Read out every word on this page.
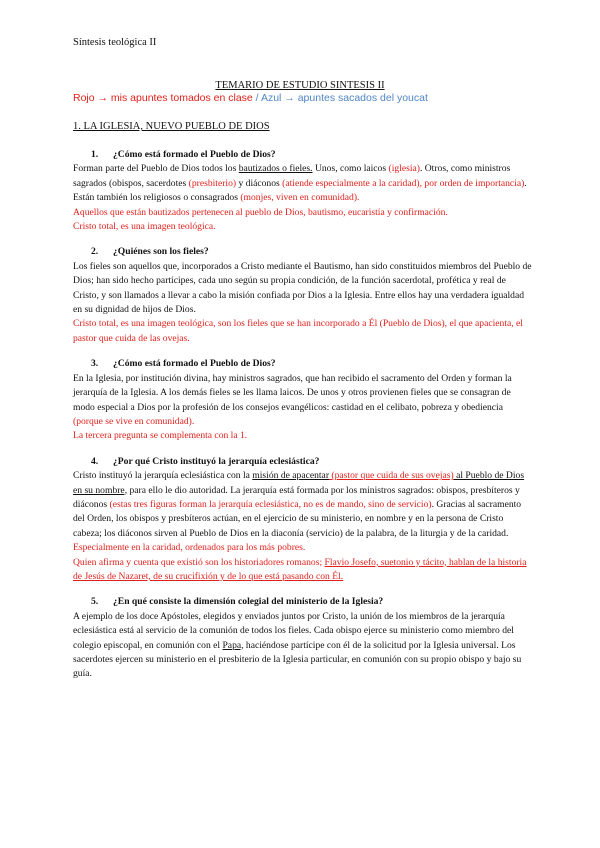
Síntesis teológica II
TEMARIO DE ESTUDIO SINTESIS II
Rojo → mis apuntes tomados en clase / Azul → apuntes sacados del youcat
1. LA IGLESIA, NUEVO PUEBLO DE DIOS

1. ¿Cómo está formado el Pueblo de Dios?

Forman parte del Pueblo de Dios todos los bautizados o fieles. Unos, como laicos (iglesia). Otros, como ministros sagrados (obispos, sacerdotes (presbiterio) y diáconos (atiende especialmente a la caridad), por orden de importancia). Están también los religiosos o consagrados (monjes, viven en comunidad).

Aquellos que están bautizados pertenecen al pueblo de Dios, bautismo, eucaristía y confirmación.

Cristo total, es una imagen teológica.

2. ¿Quiénes son los fieles?

Los fieles son aquellos que, incorporados a Cristo mediante el Bautismo, han sido constituidos miembros del Pueblo de Dios; han sido hecho partícipes, cada uno según su propia condición, de la función sacerdotal, profética y real de Cristo, y son llamados a llevar a cabo la misión confiada por Dios a la Iglesia. Entre ellos hay una verdadera igualdad en su dignidad de hijos de Dios.

Cristo total, es una imagen teológica, son los fieles que se han incorporado a Él (Pueblo de Dios), el que apacienta, el pastor que cuida de las ovejas.

3. ¿Cómo está formado el Pueblo de Dios?

En la Iglesia, por institución divina, hay ministros sagrados, que han recibido el sacramento del Orden y forman la jerarquía de la Iglesia. A los demás fieles se les llama laicos. De unos y otros provienen fieles que se consagran de modo especial a Dios por la profesión de los consejos evangélicos: castidad en el celibato, pobreza y obediencia (porque se vive en comunidad).

La tercera pregunta se complementa con la 1.

4. ¿Por qué Cristo instituyó la jerarquía eclesiástica?

Cristo instituyó la jerarquía eclesiástica con la misión de apacentar (pastor que cuida de sus ovejas) al Pueblo de Dios en su nombre, para ello le dio autoridad. La jerarquía está formada por los ministros sagrados: obispos, presbíteros y diáconos (estas tres figuras forman la jerarquía eclesiástica, no es de mando, sino de servicio). Gracias al sacramento del Orden, los obispos y presbíteros actúan, en el ejercicio de su ministerio, en nombre y en la persona de Cristo cabeza; los diáconos sirven al Pueblo de Dios en la diaconía (servicio) de la palabra, de la liturgia y de la caridad.

Especialmente en la caridad, ordenados para los más pobres.

Quien afirma y cuenta que existió son los historiadores romanos; Flavio Josefo, suetonio y tácito, hablan de la historia de Jesús de Nazaret, de su crucifixión y de lo que está pasando con Él.

5. ¿En qué consiste la dimensión colegial del ministerio de la Iglesia?

A ejemplo de los doce Apóstoles, elegidos y enviados juntos por Cristo, la unión de los miembros de la jerarquía eclesiástica está al servicio de la comunión de todos los fieles. Cada obispo ejerce su ministerio como miembro del colegio episcopal, en comunión con el Papa, haciéndose partícipe con él de la solicitud por la Iglesia universal. Los sacerdotes ejercen su ministerio en el presbiterio de la Iglesia particular, en comunión con su propio obispo y bajo su guía.
